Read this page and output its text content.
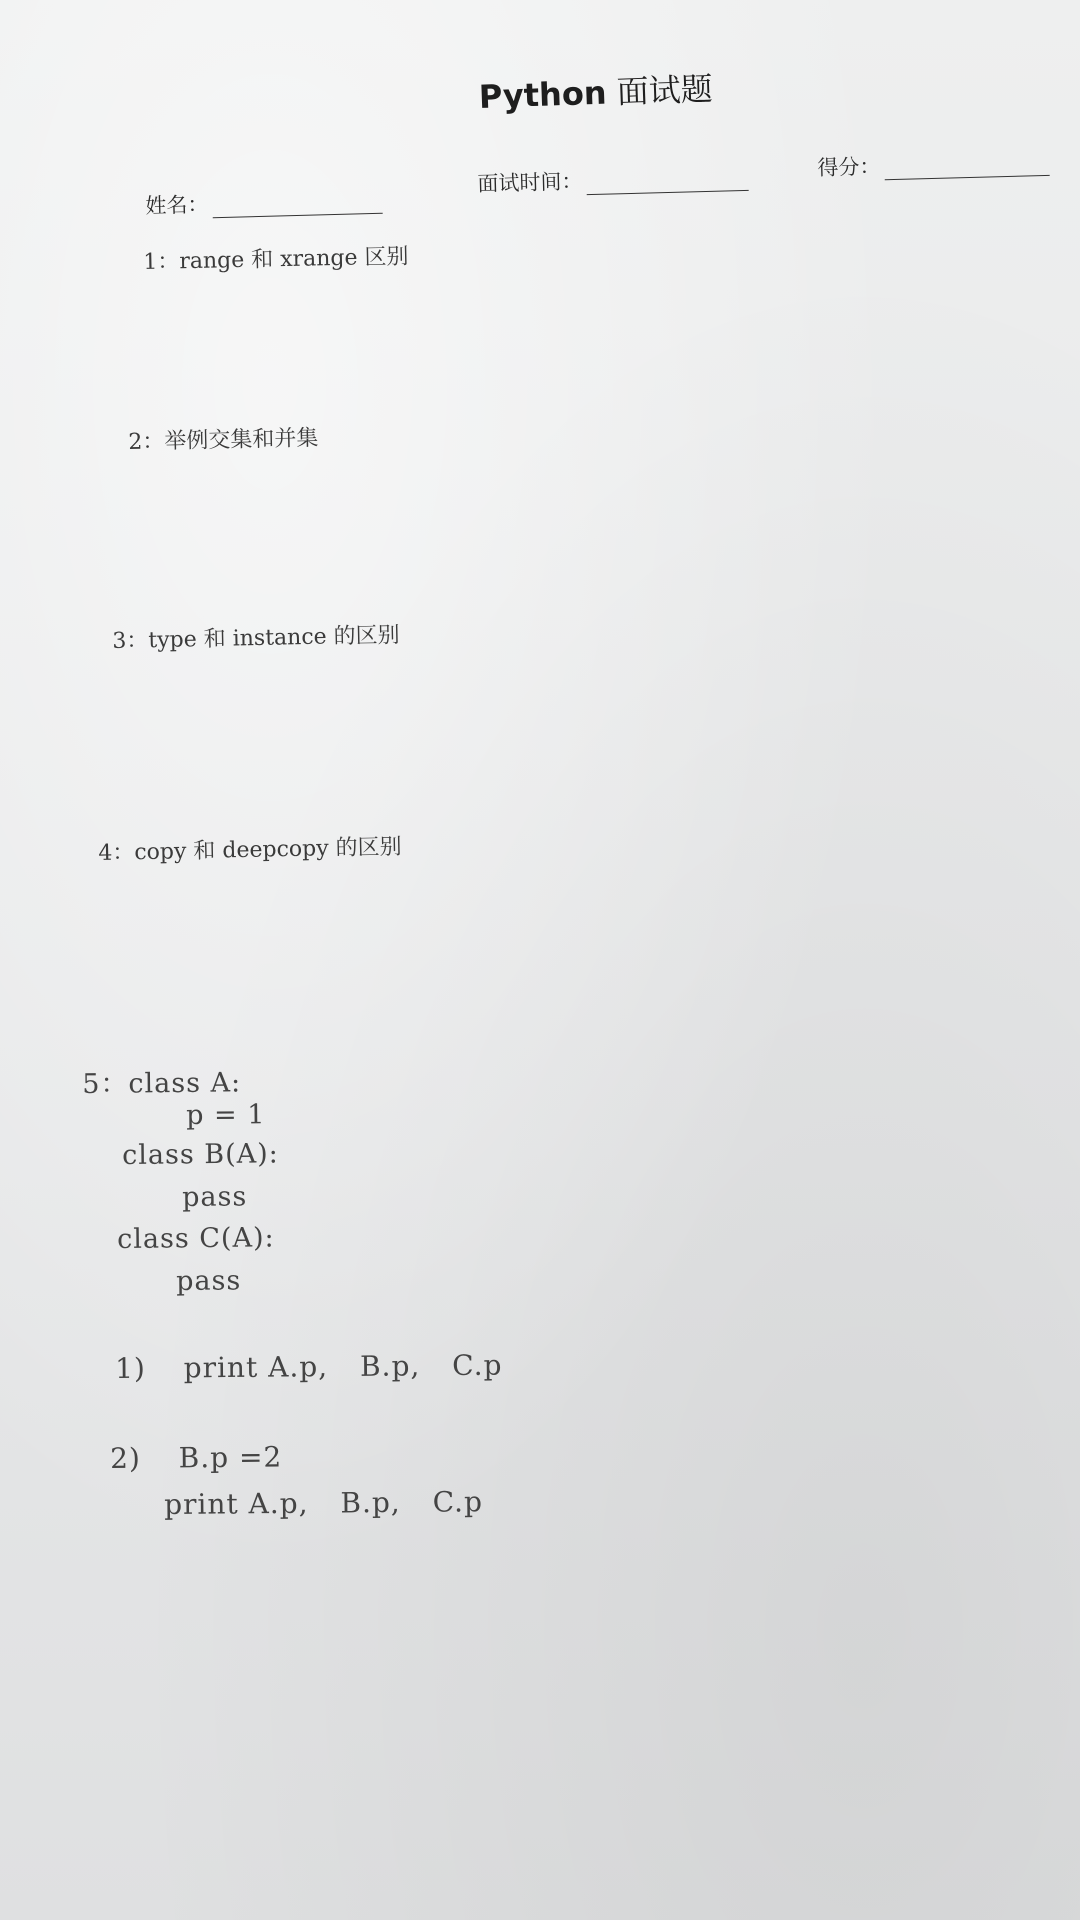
Python 面试题
姓名：
面试时间：
得分：
1：range 和 xrange 区别
2：举例交集和并集
3：type 和 instance 的区别
4：copy 和 deepcopy 的区别
5：class A:
p = 1
class B(A):
pass
class C(A):
pass
1) print A.p, B.p, C.p
2) B.p =2
print A.p, B.p, C.p
